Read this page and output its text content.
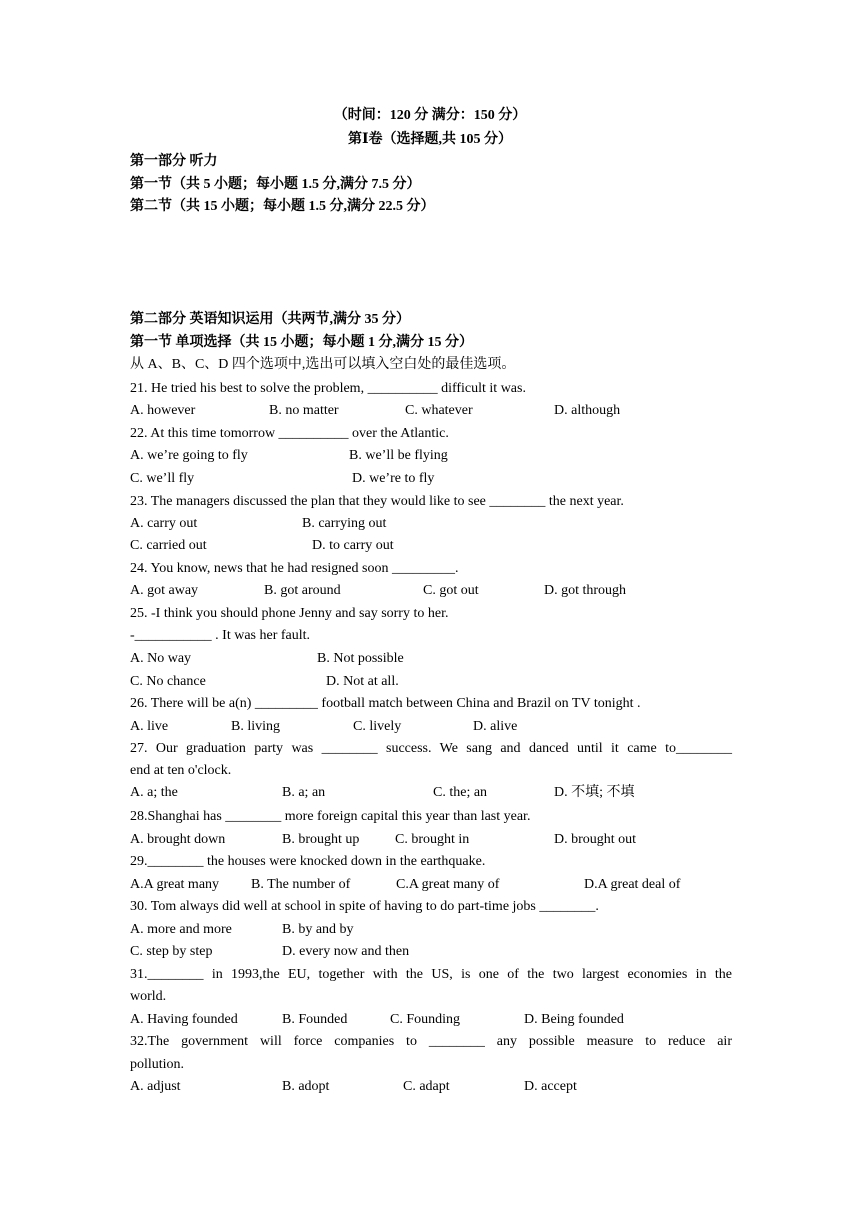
（时间：120 分 满分：150 分）
第Ⅰ卷（选择题,共 105 分）
第一部分 听力
第一节（共 5 小题；每小题 1.5 分,满分 7.5 分）
第二节（共 15 小题；每小题 1.5 分,满分 22.5 分）
第二部分 英语知识运用（共两节,满分 35 分）
第一节 单项选择（共 15 小题；每小题 1 分,满分 15 分）
从 A、B、C、D 四个选项中,选出可以填入空白处的最佳选项。
21. He tried his best to solve the problem, __________ difficult it was.
A. however	B. no matter	C. whatever	D. although
22. At this time tomorrow __________ over the Atlantic.
A. we’re going to fly	B. we’ll be flying
C. we’ll fly	D. we’re to fly
23. The managers discussed the plan that they would like to see ________ the next year.
A. carry out	B. carrying out
C. carried out	D. to carry out
24. You know, news that he had resigned soon _________.
A. got away	B. got around	C. got out	D. got through
25. -I think you should phone Jenny and say sorry to her.
-___________ . It was her fault.
A. No way	B. Not possible
C. No chance	D. Not at all.
26. There will be a(n) _________ football match between China and Brazil on TV tonight .
A. live	B. living	C. lively	D. alive
27. Our graduation party was ________ success. We sang and danced until it came to________
end at ten o'clock.
A. a; the	B. a; an	C. the; an	D. 不填; 不填
28.Shanghai has ________ more foreign capital this year than last year.
A. brought down	B. brought up	C. brought in	D. brought out
29.________ the houses were knocked down in the earthquake.
A.A great many B. The number of	C.A great many of	D.A great deal of
30. Tom always did well at school in spite of having to do part-time jobs ________.
A. more and more	B. by and by
C. step by step	D. every now and then
31.________ in 1993,the EU, together with the US, is one of the two largest economies in the
world.
A. Having founded	B. Founded	C. Founding	D. Being founded
32.The government will force companies to ________ any possible measure to reduce air
pollution.
A. adjust	B. adopt	C. adapt	D. accept
